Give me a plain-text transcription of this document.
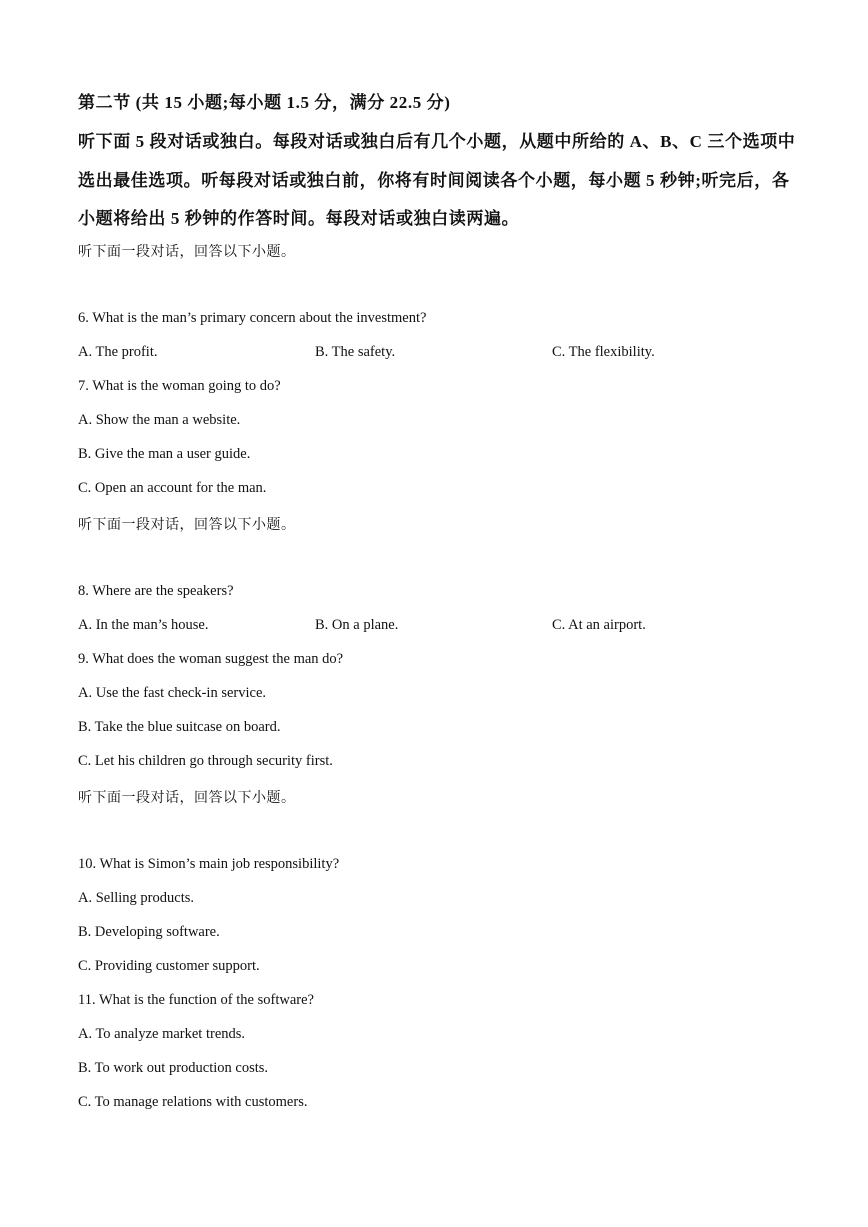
第二节 (共 15 小题;每小题 1.5 分，满分 22.5 分)
听下面 5 段对话或独白。每段对话或独白后有几个小题，从题中所给的 A、B、C 三个选项中
选出最佳选项。听每段对话或独白前，你将有时间阅读各个小题，每小题 5 秒钟;听完后，各
小题将给出 5 秒钟的作答时间。每段对话或独白读两遍。
听下面一段对话，回答以下小题。
6. What is the man’s primary concern about the investment?
A. The profit.	B. The safety.	C. The flexibility.
7. What is the woman going to do?
A. Show the man a website.
B. Give the man a user guide.
C. Open an account for the man.
听下面一段对话，回答以下小题。
8. Where are the speakers?
A. In the man’s house.	B. On a plane.	C. At an airport.
9. What does the woman suggest the man do?
A. Use the fast check-in service.
B. Take the blue suitcase on board.
C. Let his children go through security first.
听下面一段对话，回答以下小题。
10. What is Simon’s main job responsibility?
A. Selling products.
B. Developing software.
C. Providing customer support.
11. What is the function of the software?
A. To analyze market trends.
B. To work out production costs.
C. To manage relations with customers.
